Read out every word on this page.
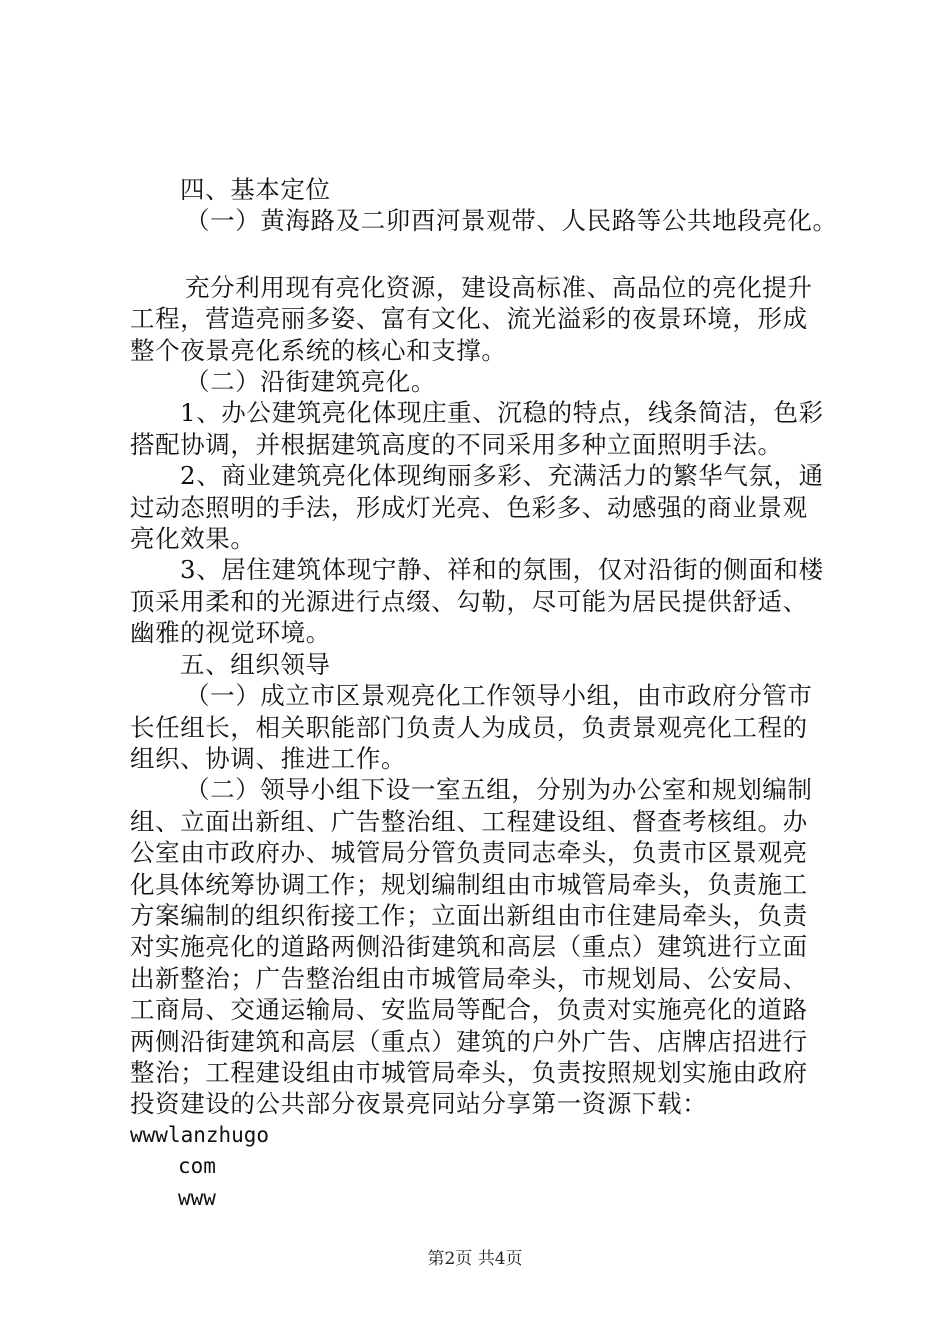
四、基本定位
（一）黄海路及二卯酉河景观带、人民路等公共地段亮化。
充分利用现有亮化资源，建设高标准、高品位的亮化提升
工程，营造亮丽多姿、富有文化、流光溢彩的夜景环境，形成
整个夜景亮化系统的核心和支撑。
（二）沿街建筑亮化。
1、办公建筑亮化体现庄重、沉稳的特点，线条简洁，色彩
搭配协调，并根据建筑高度的不同采用多种立面照明手法。
2、商业建筑亮化体现绚丽多彩、充满活力的繁华气氛，通
过动态照明的手法，形成灯光亮、色彩多、动感强的商业景观
亮化效果。
3、居住建筑体现宁静、祥和的氛围，仅对沿街的侧面和楼
顶采用柔和的光源进行点缀、勾勒，尽可能为居民提供舒适、
幽雅的视觉环境。
五、组织领导
（一）成立市区景观亮化工作领导小组，由市政府分管市
长任组长，相关职能部门负责人为成员，负责景观亮化工程的
组织、协调、推进工作。
（二）领导小组下设一室五组，分别为办公室和规划编制
组、立面出新组、广告整治组、工程建设组、督查考核组。办
公室由市政府办、城管局分管负责同志牵头，负责市区景观亮
化具体统筹协调工作；规划编制组由市城管局牵头，负责施工
方案编制的组织衔接工作；立面出新组由市住建局牵头，负责
对实施亮化的道路两侧沿街建筑和高层（重点）建筑进行立面
出新整治；广告整治组由市城管局牵头，市规划局、公安局、
工商局、交通运输局、安监局等配合，负责对实施亮化的道路
两侧沿街建筑和高层（重点）建筑的户外广告、店牌店招进行
整治；工程建设组由市城管局牵头，负责按照规划实施由政府
投资建设的公共部分夜景亮同站分享第一资源下载：
wwwlanzhugo
com
www
第2页 共4页
